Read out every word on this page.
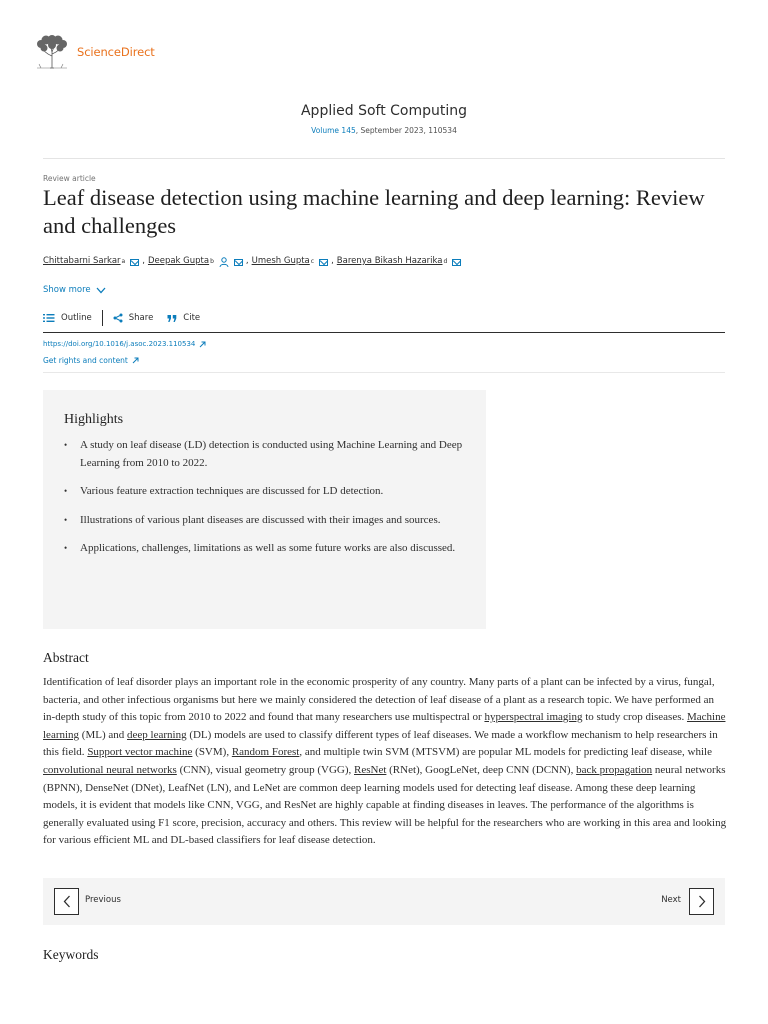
ScienceDirect
Applied Soft Computing
Volume 145, September 2023, 110534
Review article
Leaf disease detection using machine learning and deep learning: Review and challenges
Chittabarni Sarkar a , Deepak Gupta b	, Umesh Gupta c , Barenya Bikash Hazarika d
Show more
Outline	Share	Cite
https://doi.org/10.1016/j.asoc.2023.110534
Get rights and content
Highlights
• A study on leaf disease (LD) detection is conducted using Machine Learning and Deep Learning from 2010 to 2022.
• Various feature extraction techniques are discussed for LD detection.
• Illustrations of various plant diseases are discussed with their images and sources.
• Applications, challenges, limitations as well as some future works are also discussed.
Abstract

Identification of leaf disorder plays an important role in the economic prosperity of any country. Many parts of a plant can be infected by a virus, fungal, bacteria, and other infectious organisms but here we mainly considered the detection of leaf disease of a plant as a research topic. We have performed an in-depth study of this topic from 2010 to 2022 and found that many researchers use multispectral or hyperspectral imaging to study crop diseases. Machine learning (ML) and deep learning (DL) models are used to classify different types of leaf diseases. We made a workflow mechanism to help researchers in this field. Support vector machine (SVM), Random Forest, and multiple twin SVM (MTSVM) are popular ML models for predicting leaf disease, while convolutional neural networks (CNN), visual geometry group (VGG), ResNet (RNet), GoogLeNet, deep CNN (DCNN), back propagation neural networks (BPNN), DenseNet (DNet), LeafNet (LN), and LeNet are common deep learning models used for detecting leaf disease. Among these deep learning models, it is evident that models like CNN, VGG, and ResNet are highly capable at finding diseases in leaves. The performance of the algorithms is generally evaluated using F1 score, precision, accuracy and others. This review will be helpful for the researchers who are working in this area and looking for various efficient ML and DL-based classifiers for leaf disease detection.

Previous	Next
Keywords
